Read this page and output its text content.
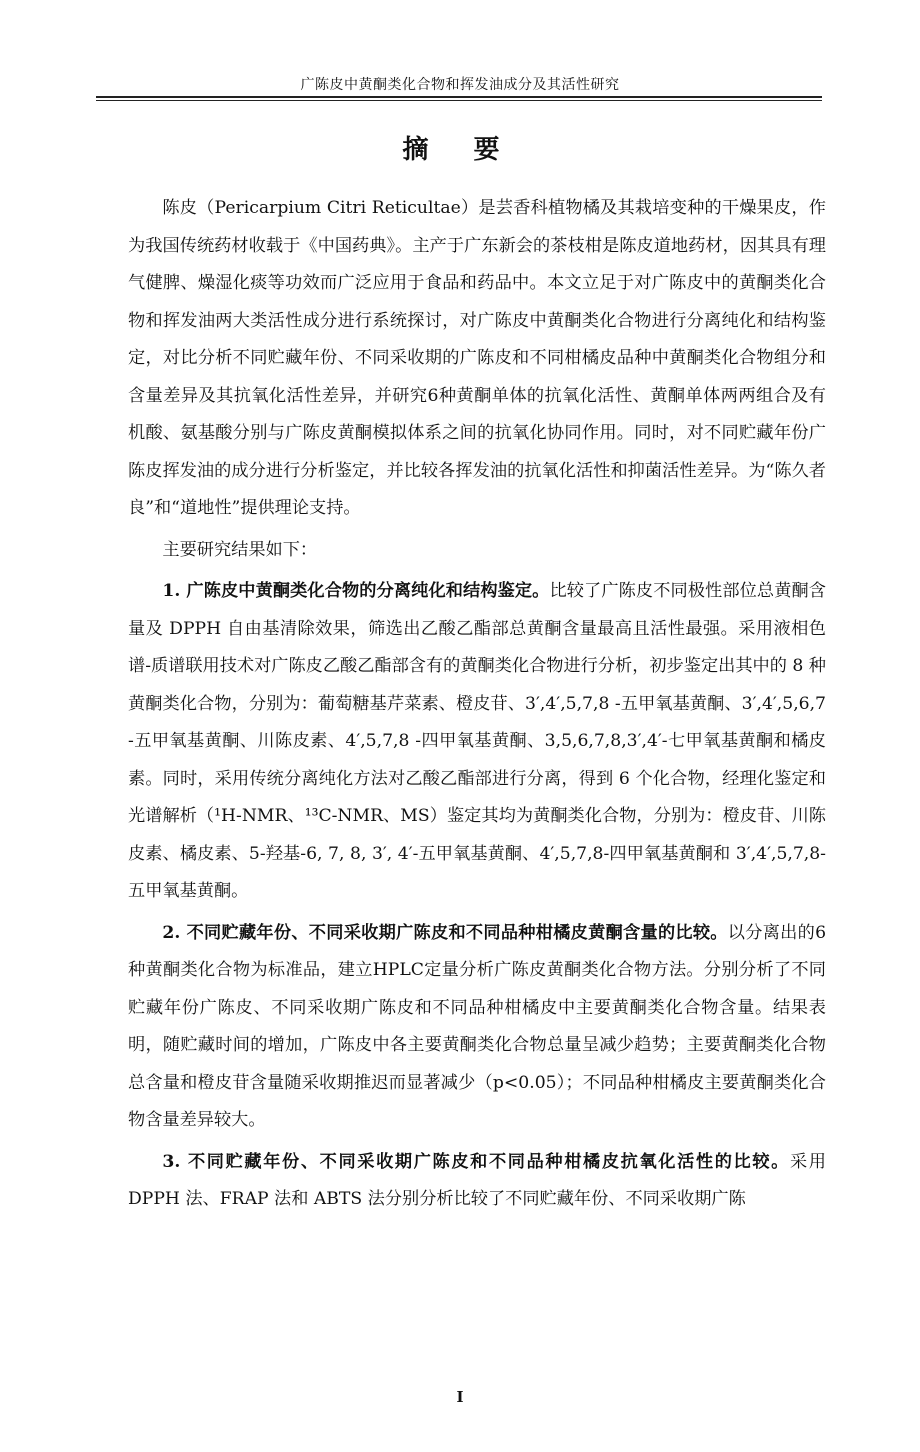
广陈皮中黄酮类化合物和挥发油成分及其活性研究
摘 要

陈皮（Pericarpium Citri Reticultae）是芸香科植物橘及其栽培变种的干燥果皮，作为我国传统药材收载于《中国药典》。主产于广东新会的茶枝柑是陈皮道地药材，因其具有理气健脾、燥湿化痰等功效而广泛应用于食品和药品中。本文立足于对广陈皮中的黄酮类化合物和挥发油两大类活性成分进行系统探讨，对广陈皮中黄酮类化合物进行分离纯化和结构鉴定，对比分析不同贮藏年份、不同采收期的广陈皮和不同柑橘皮品种中黄酮类化合物组分和含量差异及其抗氧化活性差异，并研究6种黄酮单体的抗氧化活性、黄酮单体两两组合及有机酸、氨基酸分别与广陈皮黄酮模拟体系之间的抗氧化协同作用。同时，对不同贮藏年份广陈皮挥发油的成分进行分析鉴定，并比较各挥发油的抗氧化活性和抑菌活性差异。为“陈久者良”和“道地性”提供理论支持。

主要研究结果如下：

1. 广陈皮中黄酮类化合物的分离纯化和结构鉴定。比较了广陈皮不同极性部位总黄酮含量及 DPPH 自由基清除效果，筛选出乙酸乙酯部总黄酮含量最高且活性最强。采用液相色谱-质谱联用技术对广陈皮乙酸乙酯部含有的黄酮类化合物进行分析，初步鉴定出其中的 8 种黄酮类化合物，分别为：葡萄糖基芹菜素、橙皮苷、3′,4′,5,7,8 -五甲氧基黄酮、3′,4′,5,6,7 -五甲氧基黄酮、川陈皮素、4′,5,7,8 -四甲氧基黄酮、3,5,6,7,8,3′,4′-七甲氧基黄酮和橘皮素。同时，采用传统分离纯化方法对乙酸乙酯部进行分离，得到 6 个化合物，经理化鉴定和光谱解析（¹H-NMR、¹³C-NMR、MS）鉴定其均为黄酮类化合物，分别为：橙皮苷、川陈皮素、橘皮素、5-羟基-6, 7, 8, 3′, 4′-五甲氧基黄酮、4′,5,7,8-四甲氧基黄酮和 3′,4′,5,7,8-五甲氧基黄酮。

2. 不同贮藏年份、不同采收期广陈皮和不同品种柑橘皮黄酮含量的比较。以分离出的6种黄酮类化合物为标准品，建立HPLC定量分析广陈皮黄酮类化合物方法。分别分析了不同贮藏年份广陈皮、不同采收期广陈皮和不同品种柑橘皮中主要黄酮类化合物含量。结果表明，随贮藏时间的增加，广陈皮中各主要黄酮类化合物总量呈减少趋势；主要黄酮类化合物总含量和橙皮苷含量随采收期推迟而显著减少（p<0.05）；不同品种柑橘皮主要黄酮类化合物含量差异较大。

3. 不同贮藏年份、不同采收期广陈皮和不同品种柑橘皮抗氧化活性的比较。采用 DPPH 法、FRAP 法和 ABTS 法分别分析比较了不同贮藏年份、不同采收期广陈

I
